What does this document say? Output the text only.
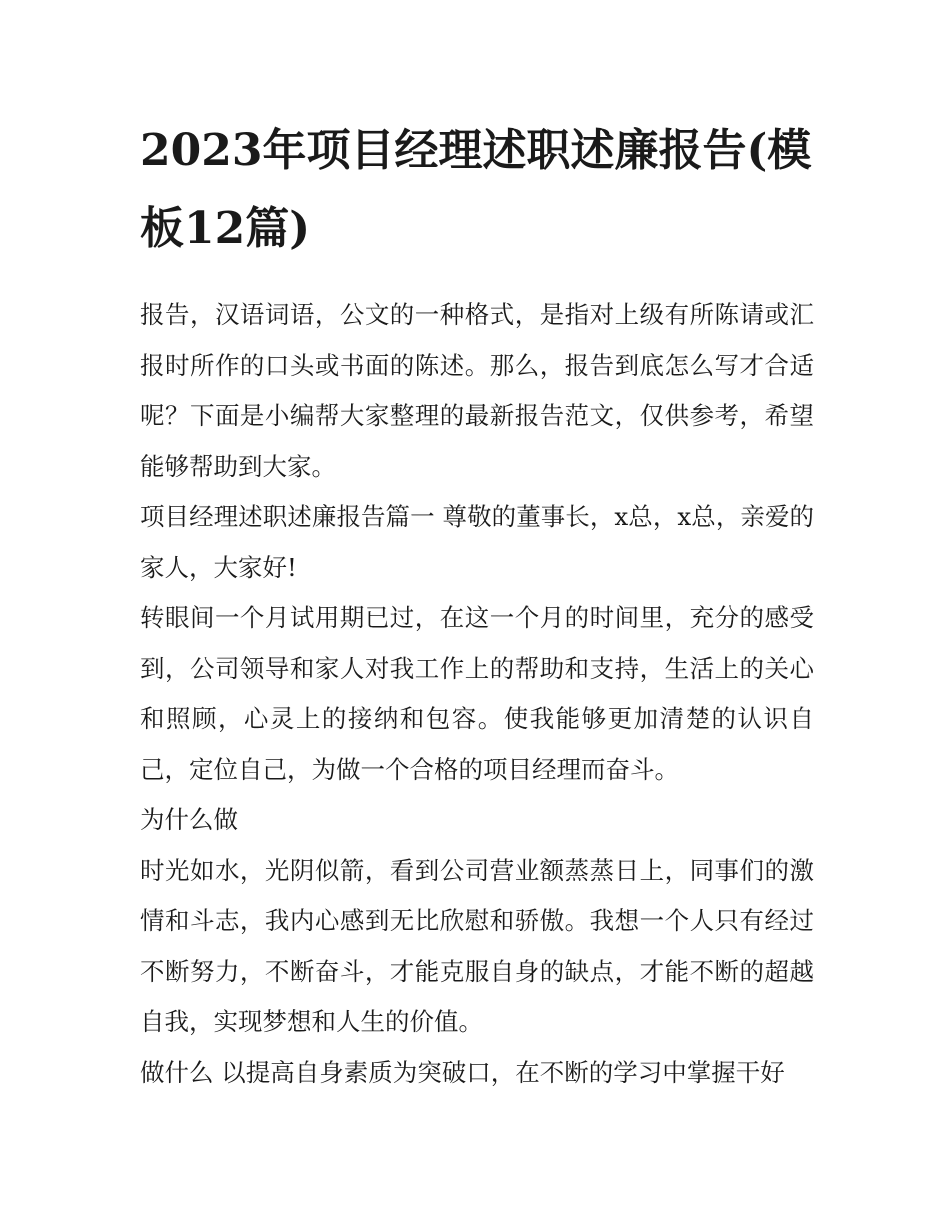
2023年项目经理述职述廉报告(模板12篇)

报告，汉语词语，公文的一种格式，是指对上级有所陈请或汇报时所作的口头或书面的陈述。那么，报告到底怎么写才合适呢？下面是小编帮大家整理的最新报告范文，仅供参考，希望能够帮助到大家。

项目经理述职述廉报告篇一 尊敬的董事长，x总，x总，亲爱的家人，大家好!

转眼间一个月试用期已过，在这一个月的时间里，充分的感受到，公司领导和家人对我工作上的帮助和支持，生活上的关心和照顾，心灵上的接纳和包容。使我能够更加清楚的认识自己，定位自己，为做一个合格的项目经理而奋斗。

为什么做

时光如水，光阴似箭，看到公司营业额蒸蒸日上，同事们的激情和斗志，我内心感到无比欣慰和骄傲。我想一个人只有经过不断努力，不断奋斗，才能克服自身的缺点，才能不断的超越自我，实现梦想和人生的价值。

做什么 以提高自身素质为突破口，在不断的学习中掌握干好
